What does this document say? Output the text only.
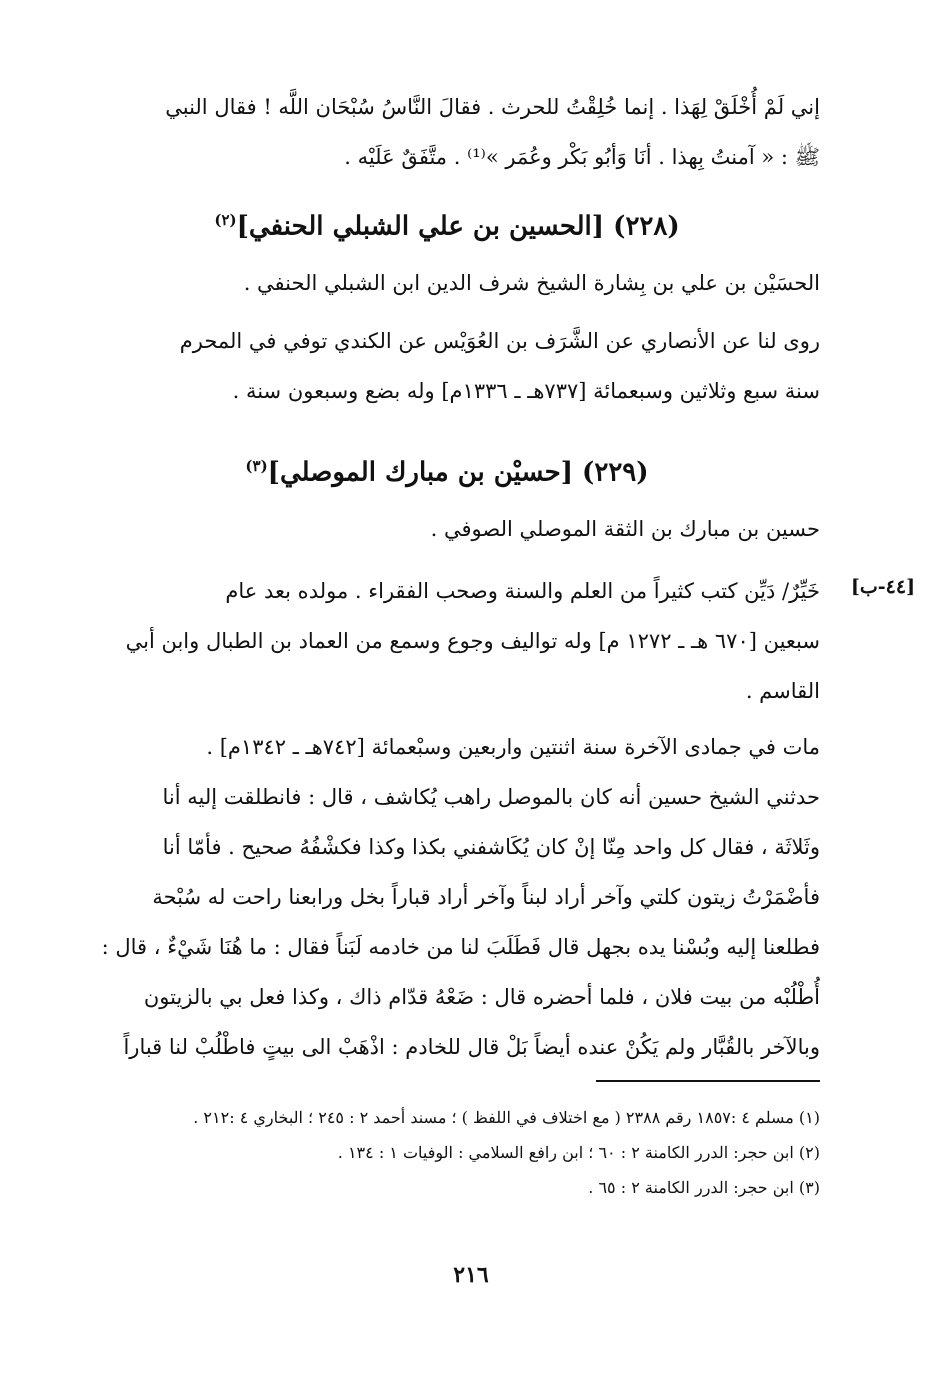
إني لَمْ أُخْلَقْ لِهَذا . إنما خُلِقْتُ للحرث . فقالَ النَّاسُ سُبْحَان اللَّه ! فقال النبي
ﷺ : « آمنتُ بِهذا . أنَا وَأبُو بَكْر وعُمَر »⁽¹⁾ . متَّفَقٌ عَلَيْه .
(٢٢٨) [الحسين بن علي الشبلي الحنفي]$^{(٢)}$
الحسَيْن بن علي بن بِشارة الشيخ شرف الدين ابن الشبلي الحنفي .
روى لنا عن الأنصاري عن الشَّرَف بن العُوَيْس عن الكندي توفي في المحرم
سنة سبع وثلاثين وسبعمائة [٧٣٧هـ ـ ١٣٣٦م] وله بضع وسبعون سنة .
(٢٢٩) [حسيْن بن مبارك الموصلي]$^{(٣)}$
حسين بن مبارك بن الثقة الموصلي الصوفي .
[٤٤-ب]
خَيِّرٌ/ دَيِّن كتب كثيراً من العلم والسنة وصحب الفقراء . مولده بعد عام
سبعين [٦٧٠ هـ ـ ١٢٧٢ م] وله تواليف وجوع وسمع من العماد بن الطبال وابن أبي
القاسم .
مات في جمادى الآخرة سنة اثنتين واربعين وسبْعمائة [٧٤٢هـ ـ ١٣٤٢م] .
حدثني الشيخ حسين أنه كان بالموصل راهب يُكاشف ، قال : فانطلقت إليه أنا
وثَلاثَة ، فقال كل واحد مِنّا إنْ كان يُكَاشفني بكذا وكذا فكشْفُهُ صحيح . فأمّا أنا
فأضْمَرْتُ زيتون كلتي وآخر أراد لبناً وآخر أراد قباراً بخل ورابعنا راحت له سُبْحة
فطلعنا إليه وبُسْنا يده بجهل قال فَطَلَبَ لنا من خادمه لَبَناً فقال : ما هُنَا شَيْءٌ ، قال :
أُطْلُبْه من بيت فلان ، فلما أحضره قال : ضَعْهُ قدّام ذاك ، وكذا فعل بي بالزيتون
وبالآخر بالقُبَّار ولم يَكُنْ عنده أيضاً بَلْ قال للخادم : اذْهَبْ الى بيتٍ فاطْلُبْ لنا قباراً
(١) مسلم ٤ :١٨٥٧ رقم ٢٣٨٨ ( مع اختلاف في اللفظ ) ؛ مسند أحمد ٢ : ٢٤٥ ؛ البخاري ٤ :٢١٢ .
(٢) ابن حجر: الدرر الكامنة ٢ : ٦٠ ؛ ابن رافع السلامي : الوفيات ١ : ١٣٤ .
(٣) ابن حجر: الدرر الكامنة ٢ : ٦٥ .
٢١٦
